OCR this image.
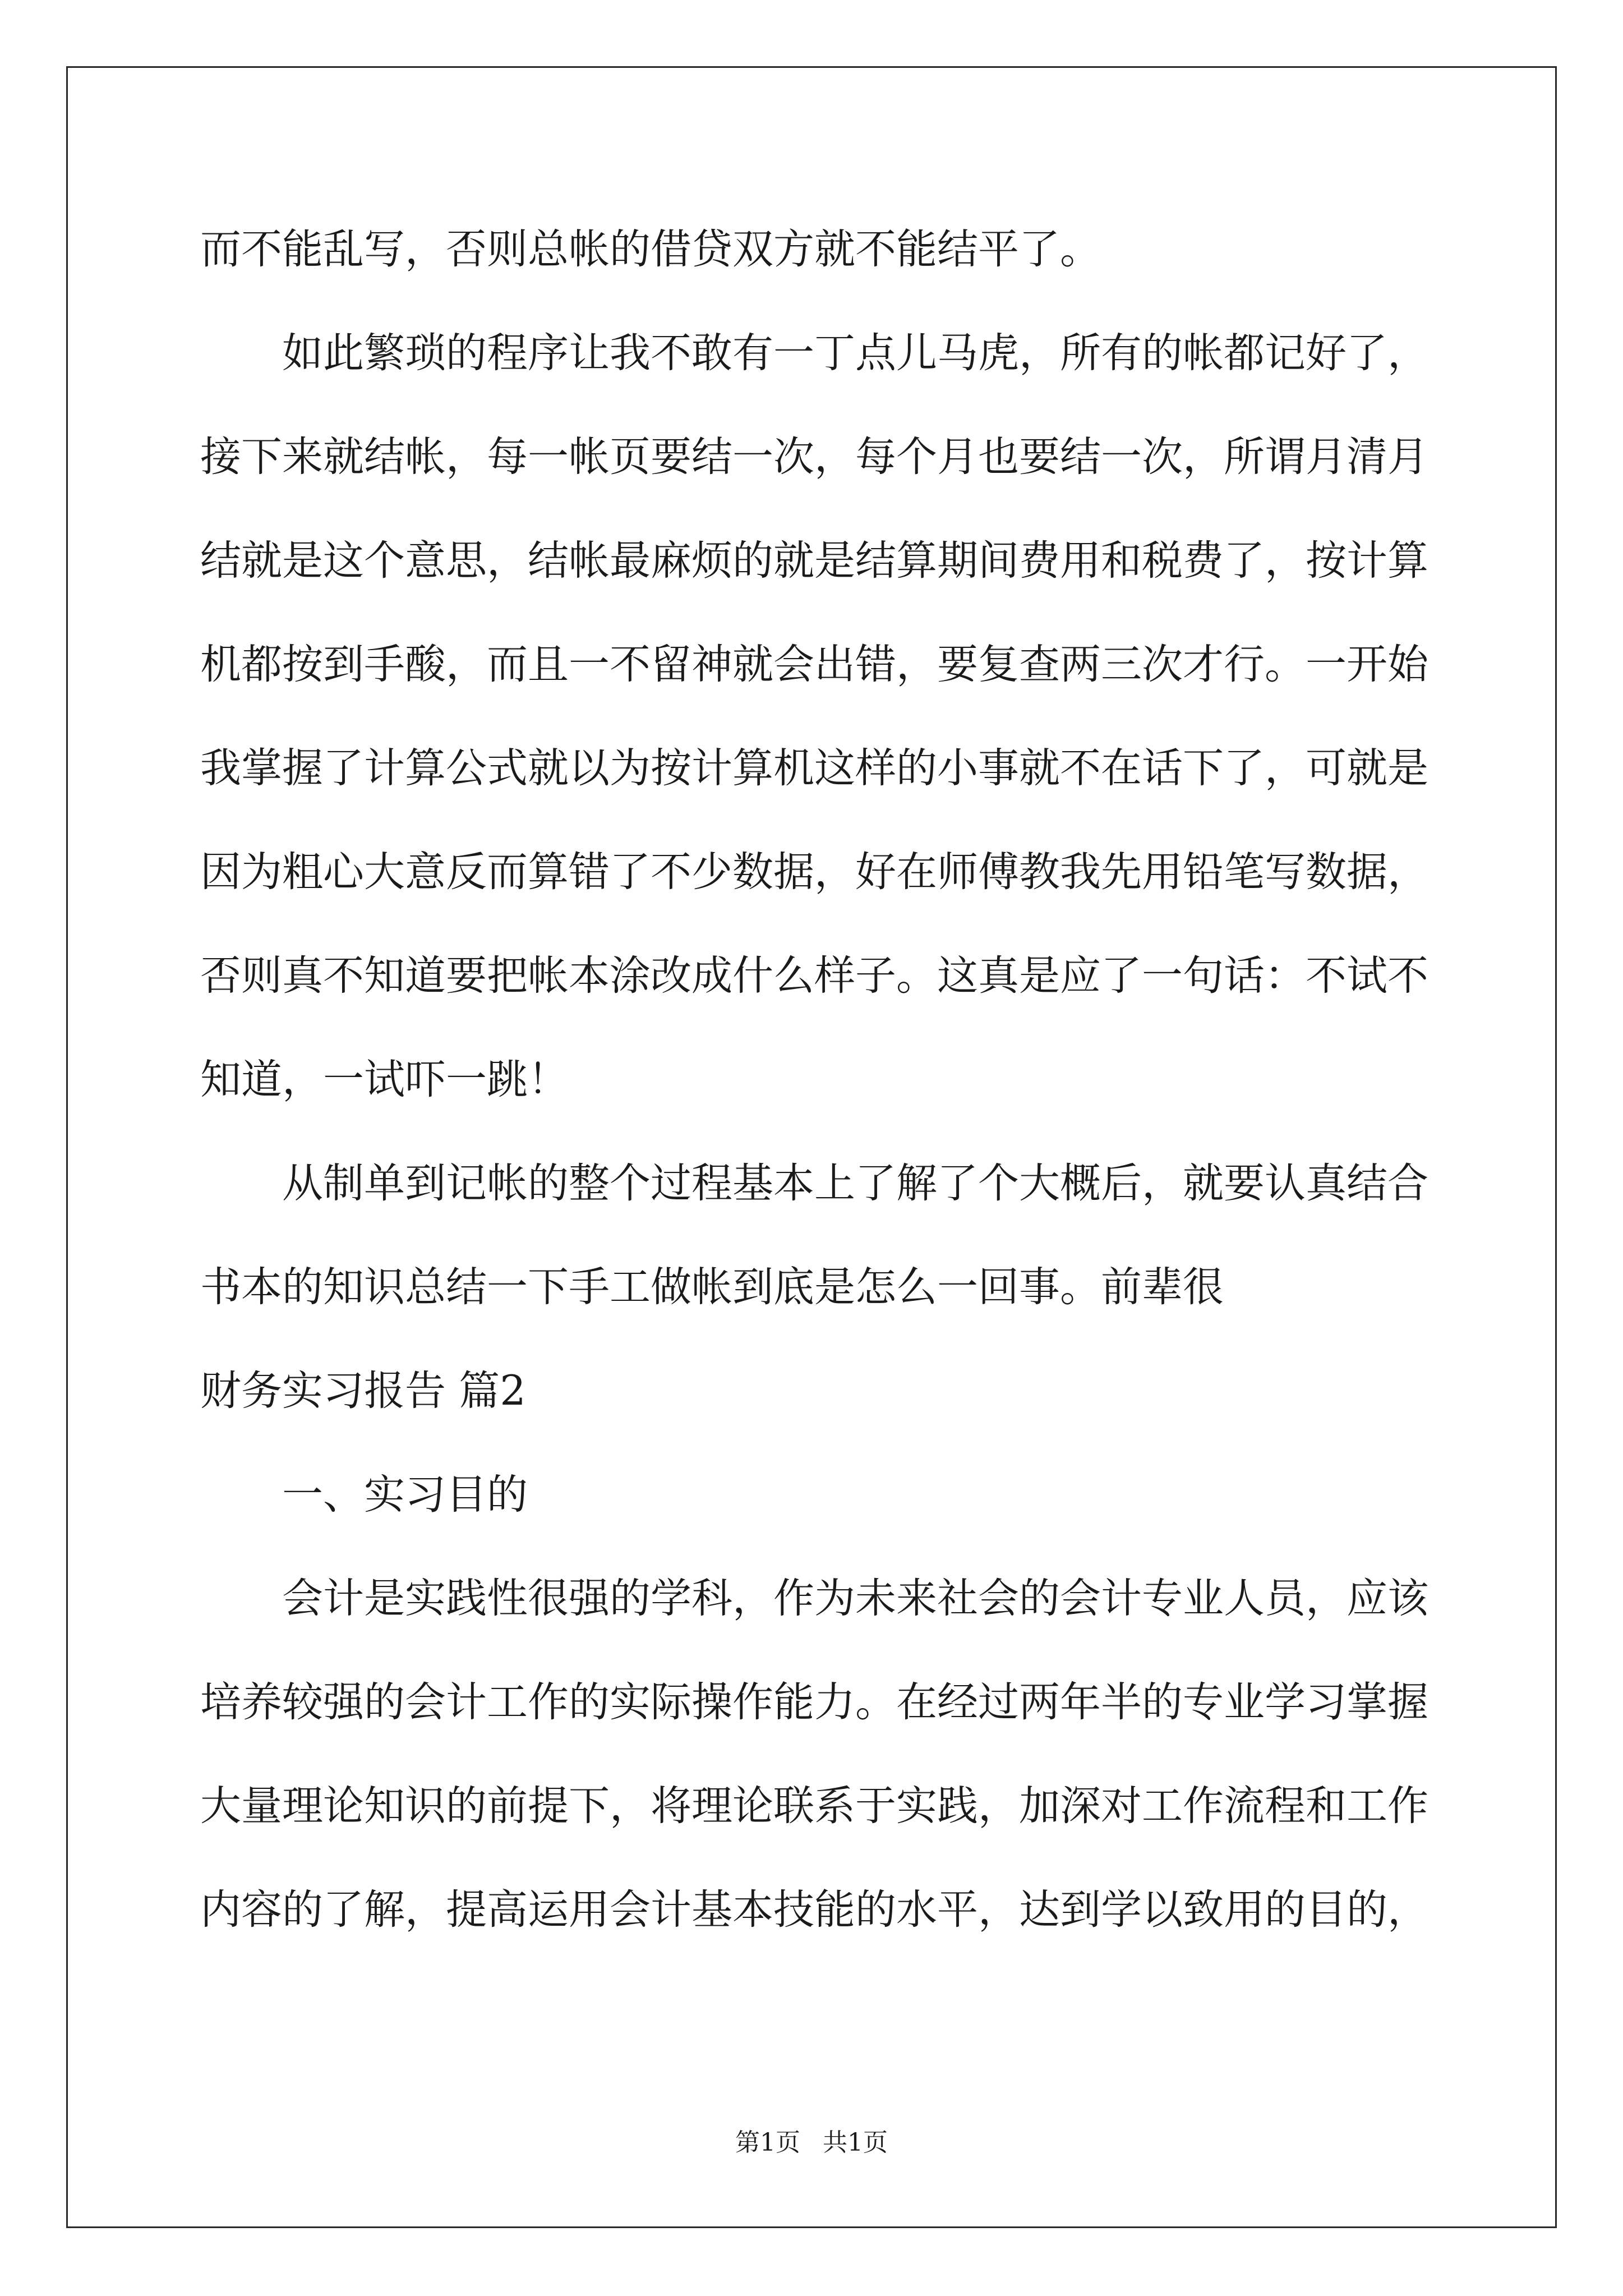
而不能乱写，否则总帐的借贷双方就不能结平了。
如此繁琐的程序让我不敢有一丁点儿马虎，所有的帐都记好了，
接下来就结帐，每一帐页要结一次，每个月也要结一次，所谓月清月
结就是这个意思，结帐最麻烦的就是结算期间费用和税费了，按计算
机都按到手酸，而且一不留神就会出错，要复查两三次才行。一开始
我掌握了计算公式就以为按计算机这样的小事就不在话下了，可就是
因为粗心大意反而算错了不少数据，好在师傅教我先用铅笔写数据，
否则真不知道要把帐本涂改成什么样子。这真是应了一句话：不试不
知道，一试吓一跳！
从制单到记帐的整个过程基本上了解了个大概后，就要认真结合
书本的知识总结一下手工做帐到底是怎么一回事。前辈很
财务实习报告 篇2
一、实习目的
会计是实践性很强的学科，作为未来社会的会计专业人员，应该
培养较强的会计工作的实际操作能力。在经过两年半的专业学习掌握
大量理论知识的前提下，将理论联系于实践，加深对工作流程和工作
内容的了解，提高运用会计基本技能的水平，达到学以致用的目的，
第1页 共1页
